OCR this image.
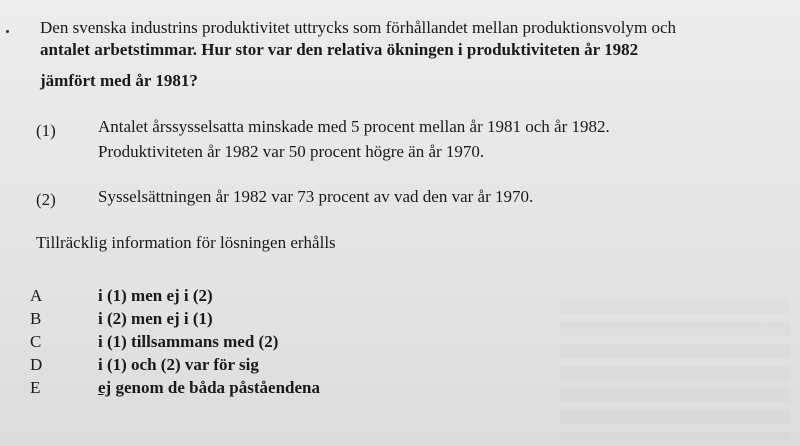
Den svenska industrins produktivitet uttrycks som förhållandet mellan produktionsvolym och
antalet arbetstimmar. Hur stor var den relativa ökningen i produktiviteten år 1982
jämfört med år 1981?
(1) Antalet årssysselsatta minskade med 5 procent mellan år 1981 och år 1982.
Produktiviteten år 1982 var 50 procent högre än år 1970.
(2) Sysselsättningen år 1982 var 73 procent av vad den var år 1970.
Tillräcklig information för lösningen erhålls
A	i (1) men ej i (2)
B	i (2) men ej i (1)
C	i (1) tillsammans med (2)
D	i (1) och (2) var för sig
E	ej genom de båda påståendena
